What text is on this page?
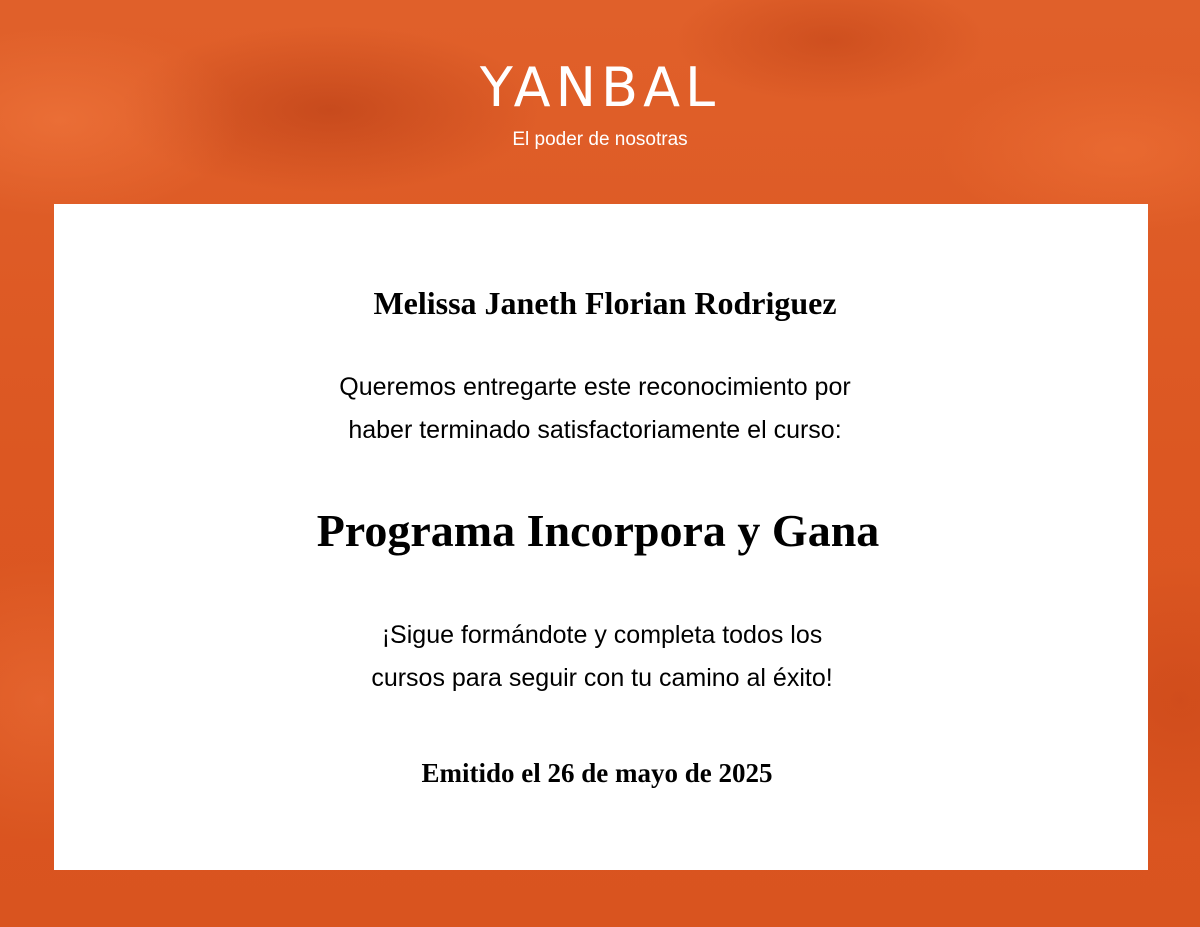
YANBAL
El poder de nosotras
Melissa Janeth Florian Rodriguez
Queremos entregarte este reconocimiento por
haber terminado satisfactoriamente el curso:
Programa Incorpora y Gana
¡Sigue formándote y completa todos los
cursos para seguir con tu camino al éxito!
Emitido el 26 de mayo de 2025
